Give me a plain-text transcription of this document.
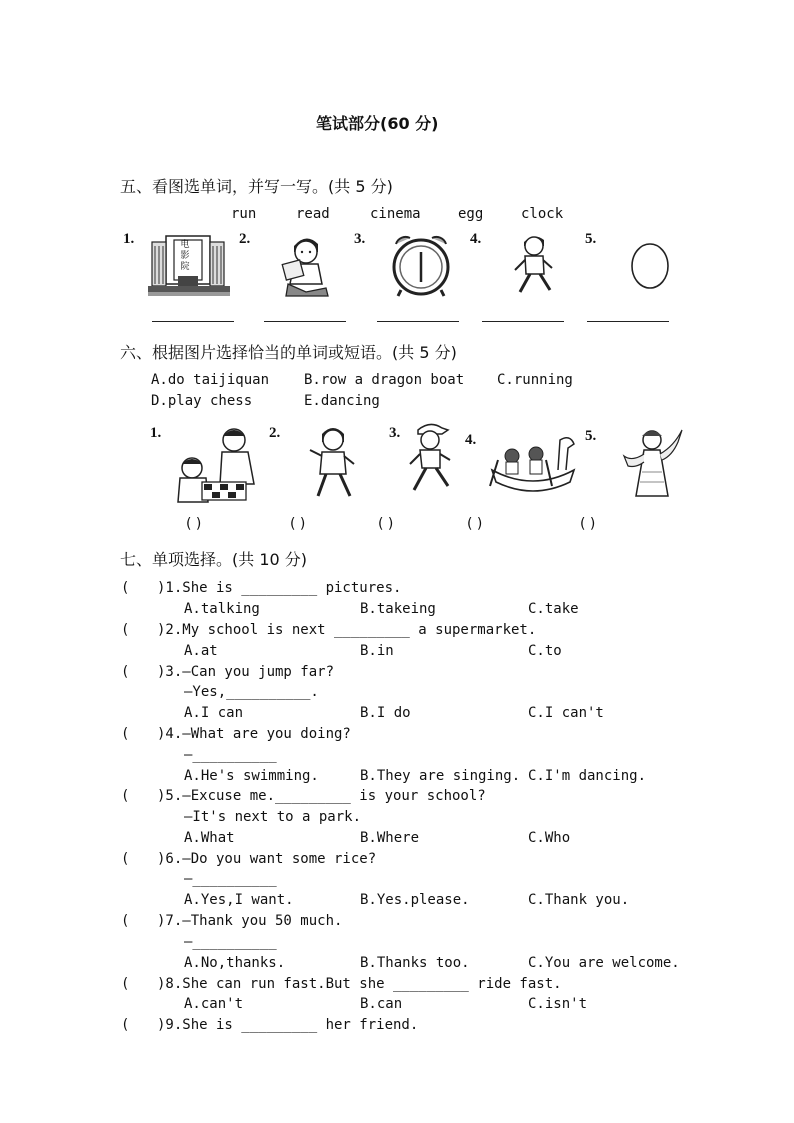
笔试部分(60 分)
五、看图选单词，并写一写。(共 5 分)
run	read	cinema	egg	clock
1.	2.	3.	4.	5.
电影院
六、根据图片选择恰当的单词或短语。(共 5 分)
A.do taijiquan B.row a dragon boat C.running
D.play chess	E.dancing
1.	2.	3.	4.	5.
( )	( )	( )	( )	( )
七、单项选择。(共 10 分)
( )1.She is _________ pictures.
A.talking	B.takeing	C.take
( )2.My school is next _________ a supermarket.
A.at	B.in	C.to
( )3.—Can you jump far?
—Yes,__________.
A.I can	B.I do	C.I can't
( )4.—What are you doing?
—__________
A.He's swimming.	B.They are singing. C.I'm dancing.
( )5.—Excuse me._________ is your school?
—It's next to a park.
A.What	B.Where	C.Who
( )6.—Do you want some rice?
—__________
A.Yes,I want.	B.Yes.please.	C.Thank you.
( )7.—Thank you 50 much.
—__________
A.No,thanks.	B.Thanks too.	C.You are welcome.
( )8.She can run fast.But she _________ ride fast.
A.can't	B.can	C.isn't
( )9.She is _________ her friend.
